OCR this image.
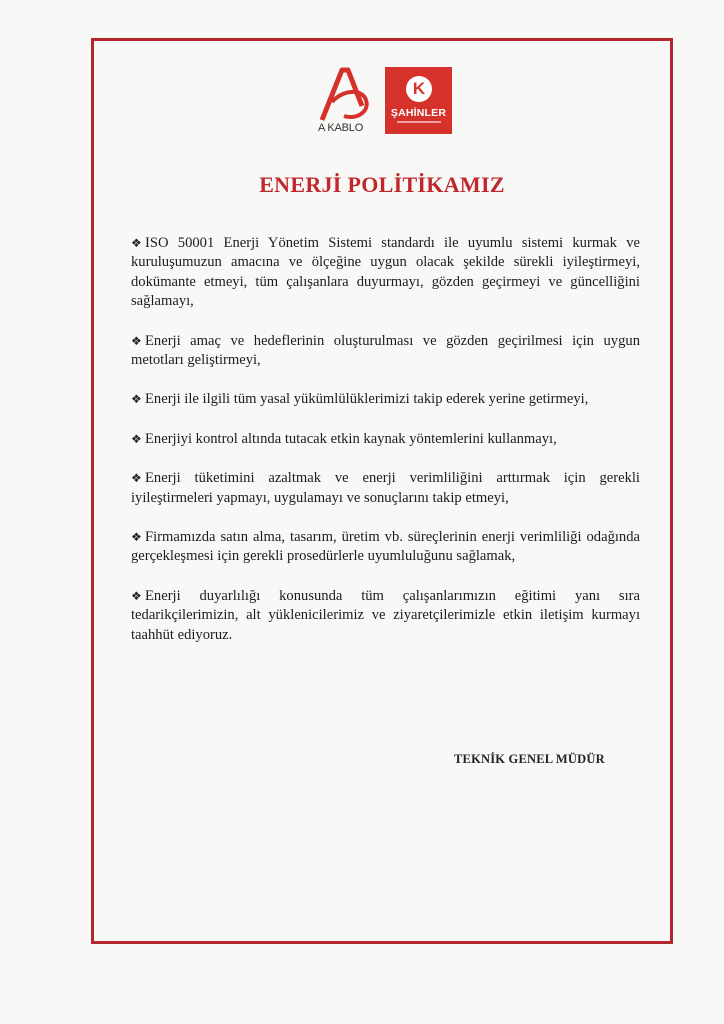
A KABLO
K
ŞAHİNLER
ENERJİ POLİTİKAMIZ
❖ ISO 50001 Enerji Yönetim Sistemi standardı ile uyumlu sistemi kurmak ve kuruluşumuzun amacına ve ölçeğine uygun olacak şekilde sürekli iyileştirmeyi, dokümante etmeyi, tüm çalışanlara duyurmayı, gözden geçirmeyi ve güncelliğini sağlamayı,
❖ Enerji amaç ve hedeflerinin oluşturulması ve gözden geçirilmesi için uygun metotları geliştirmeyi,
❖ Enerji ile ilgili tüm yasal yükümlülüklerimizi takip ederek yerine getirmeyi,
❖ Enerjiyi kontrol altında tutacak etkin kaynak yöntemlerini kullanmayı,
❖ Enerji tüketimini azaltmak ve enerji verimliliğini arttırmak için gerekli iyileştirmeleri yapmayı, uygulamayı ve sonuçlarını takip etmeyi,
❖ Firmamızda satın alma, tasarım, üretim vb. süreçlerinin enerji verimliliği odağında gerçekleşmesi için gerekli prosedürlerle uyumluluğunu sağlamak,
❖ Enerji duyarlılığı konusunda tüm çalışanlarımızın eğitimi yanı sıra tedarikçilerimizin, alt yüklenicilerimiz ve ziyaretçilerimizle etkin iletişim kurmayı taahhüt ediyoruz.
TEKNİK GENEL MÜDÜR
